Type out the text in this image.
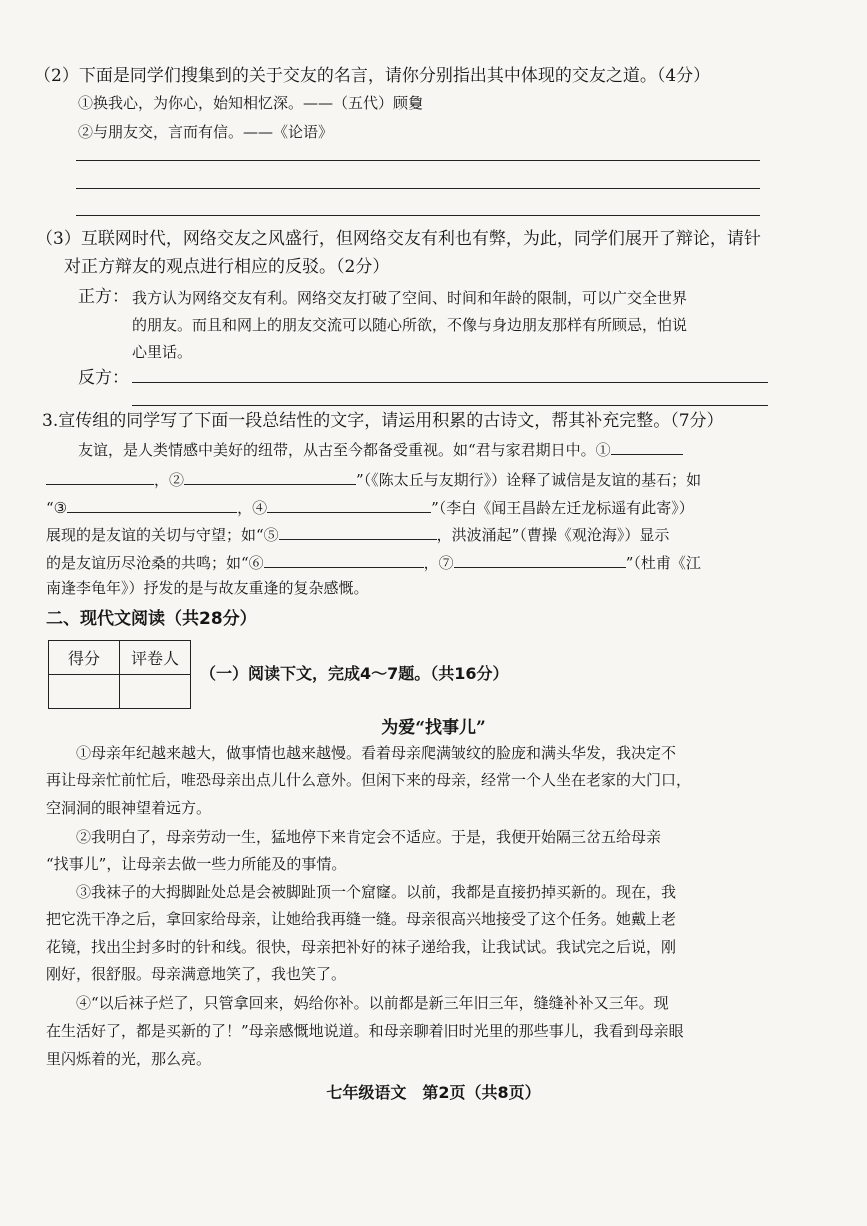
（2）下面是同学们搜集到的关于交友的名言，请你分别指出其中体现的交友之道。（4分）
①换我心，为你心，始知相忆深。——（五代）顾敻
②与朋友交，言而有信。——《论语》
（3）互联网时代，网络交友之风盛行，但网络交友有利也有弊，为此，同学们展开了辩论，请针
对正方辩友的观点进行相应的反驳。（2分）
正方： 我方认为网络交友有利。网络交友打破了空间、时间和年龄的限制，可以广交全世界
的朋友。而且和网上的朋友交流可以随心所欲，不像与身边朋友那样有所顾忌，怕说
心里话。
反方：
3.宣传组的同学写了下面一段总结性的文字，请运用积累的古诗文，帮其补充完整。（7分）
友谊，是人类情感中美好的纽带，从古至今都备受重视。如“君与家君期日中。①
，②	”（《陈太丘与友期行》）诠释了诚信是友谊的基石；如
“③	，④	”（李白《闻王昌龄左迁龙标遥有此寄》）
展现的是友谊的关切与守望；如“⑤	，洪波涌起”（曹操《观沧海》）显示
的是友谊历尽沧桑的共鸣；如“⑥	，⑦	”（杜甫《江
南逢李龟年》）抒发的是与故友重逢的复杂感慨。
二、现代文阅读（共28分）
得分	评卷人

（一）阅读下文，完成4～7题。（共16分）
为爱“找事儿”
①母亲年纪越来越大，做事情也越来越慢。看着母亲爬满皱纹的脸庞和满头华发，我决定不
再让母亲忙前忙后，唯恐母亲出点儿什么意外。但闲下来的母亲，经常一个人坐在老家的大门口，
空洞洞的眼神望着远方。
②我明白了，母亲劳动一生，猛地停下来肯定会不适应。于是，我便开始隔三岔五给母亲
“找事儿”，让母亲去做一些力所能及的事情。
③我袜子的大拇脚趾处总是会被脚趾顶一个窟窿。以前，我都是直接扔掉买新的。现在，我
把它洗干净之后，拿回家给母亲，让她给我再缝一缝。母亲很高兴地接受了这个任务。她戴上老
花镜，找出尘封多时的针和线。很快，母亲把补好的袜子递给我，让我试试。我试完之后说，刚
刚好，很舒服。母亲满意地笑了，我也笑了。
④“以后袜子烂了，只管拿回来，妈给你补。以前都是新三年旧三年，缝缝补补又三年。现
在生活好了，都是买新的了！”母亲感慨地说道。和母亲聊着旧时光里的那些事儿，我看到母亲眼
里闪烁着的光，那么亮。
七年级语文　第2页（共8页）
